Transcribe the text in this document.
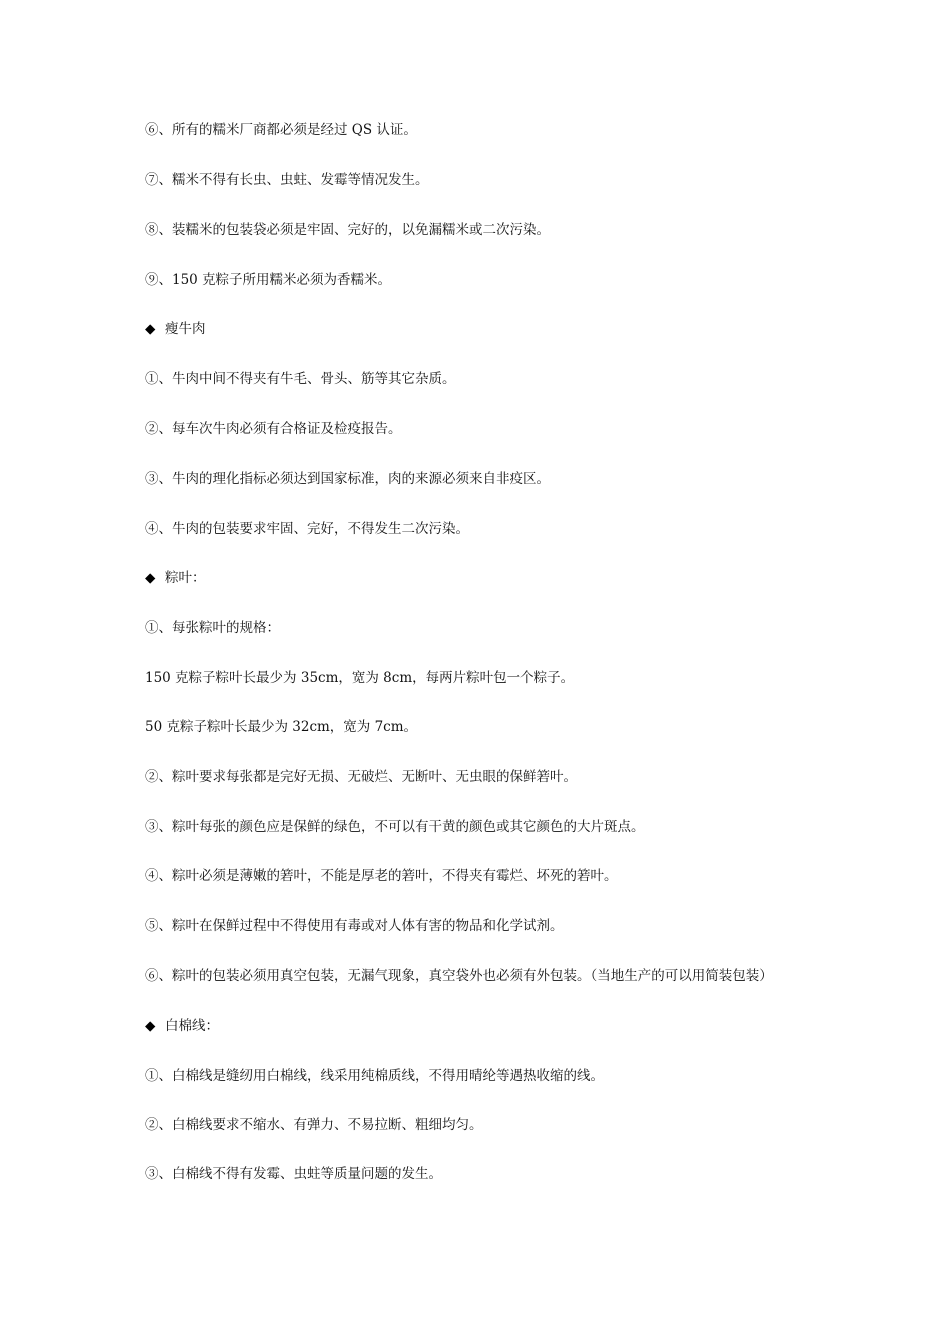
⑥、所有的糯米厂商都必须是经过 QS 认证。
⑦、糯米不得有长虫、虫蛀、发霉等情况发生。
⑧、装糯米的包装袋必须是牢固、完好的，以免漏糯米或二次污染。
⑨、150 克粽子所用糯米必须为香糯米。
◆ 瘦牛肉
①、牛肉中间不得夹有牛毛、骨头、筋等其它杂质。
②、每车次牛肉必须有合格证及检疫报告。
③、牛肉的理化指标必须达到国家标准，肉的来源必须来自非疫区。
④、牛肉的包装要求牢固、完好，不得发生二次污染。
◆ 粽叶：
①、每张粽叶的规格：
150 克粽子粽叶长最少为 35cm，宽为 8cm，每两片粽叶包一个粽子。
50 克粽子粽叶长最少为 32cm，宽为 7cm。
②、粽叶要求每张都是完好无损、无破烂、无断叶、无虫眼的保鲜箬叶。
③、粽叶每张的颜色应是保鲜的绿色，不可以有干黄的颜色或其它颜色的大片斑点。
④、粽叶必须是薄嫩的箬叶，不能是厚老的箬叶，不得夹有霉烂、坏死的箬叶。
⑤、粽叶在保鲜过程中不得使用有毒或对人体有害的物品和化学试剂。
⑥、粽叶的包装必须用真空包装，无漏气现象，真空袋外也必须有外包装。（当地生产的可以用简装包装）
◆ 白棉线：
①、白棉线是缝纫用白棉线，线采用纯棉质线，不得用晴纶等遇热收缩的线。
②、白棉线要求不缩水、有弹力、不易拉断、粗细均匀。
③、白棉线不得有发霉、虫蛀等质量问题的发生。
